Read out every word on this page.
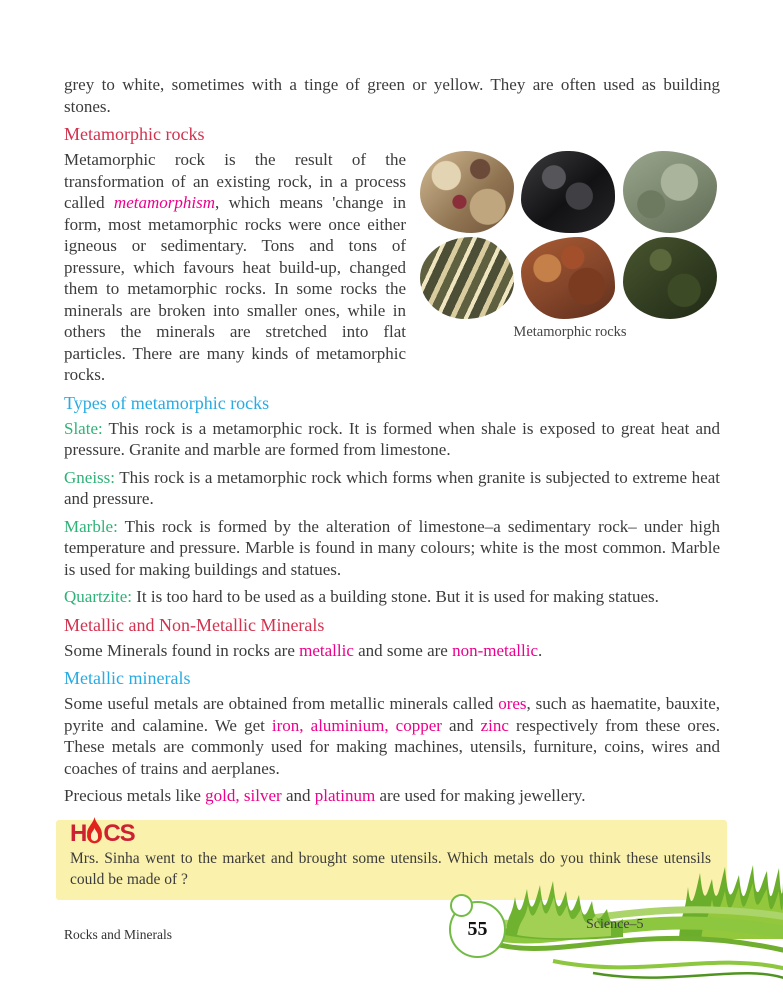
grey to white, sometimes with a tinge of green or yellow. They are often used as building stones.

Metamorphic rocks
Metamorphic rocks

Metamorphic rock is the result of the transformation of an existing rock, in a process called metamorphism, which means 'change in form, most metamorphic rocks were once either igneous or sedimentary. Tons and tons of pressure, which favours heat build-up, changed them to metamorphic rocks. In some rocks the minerals are broken into smaller ones, while in others the minerals are stretched into flat particles. There are many kinds of metamorphic rocks.

Types of metamorphic rocks

Slate: This rock is a metamorphic rock. It is formed when shale is exposed to great heat and pressure. Granite and marble are formed from limestone.

Gneiss: This rock is a metamorphic rock which forms when granite is subjected to extreme heat and pressure.

Marble: This rock is formed by the alteration of limestone–a sedimentary rock– under high temperature and pressure. Marble is found in many colours; white is the most common. Marble is used for making buildings and statues.

Quartzite: It is too hard to be used as a building stone. But it is used for making statues.

Metallic and Non-Metallic Minerals

Some Minerals found in rocks are metallic and some are non-metallic.

Metallic minerals

Some useful metals are obtained from metallic minerals called ores, such as haematite, bauxite, pyrite and calamine. We get iron, aluminium, copper and zinc respectively from these ores. These metals are commonly used for making machines, utensils, furniture, coins, wires and coaches of trains and aerplanes.

Precious metals like gold, silver and platinum are used for making jewellery.

H CS

Mrs. Sinha went to the market and brought some utensils. Which metals do you think these utensils could be made of ?

55	Science–5
Rocks and Minerals
